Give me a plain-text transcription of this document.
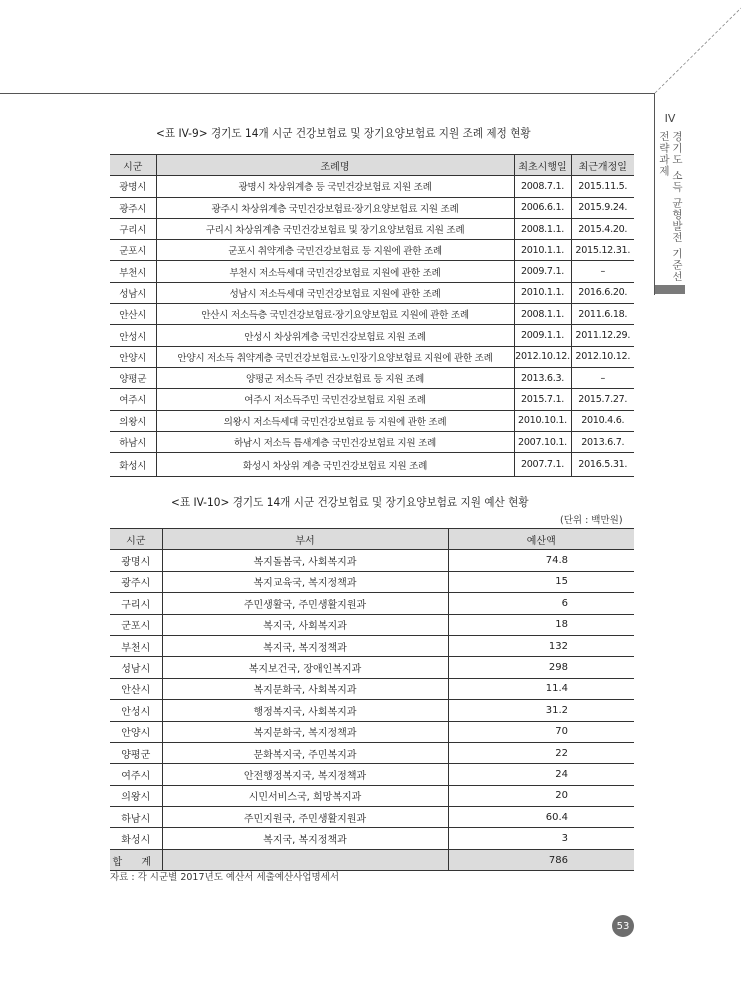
IV
경기도 소득 균형발전 기준선 전략과제
<표 IV-9> 경기도 14개 시군 건강보험료 및 장기요양보험료 지원 조례 제정 현황
시군	조례명	최초시행일	최근개정일
광명시	광명시 차상위계층 등 국민건강보험료 지원 조례	2008.7.1.	2015.11.5.
광주시	광주시 차상위계층 국민건강보험료·장기요양보험료 지원 조례	2006.6.1.	2015.9.24.
구리시	구리시 차상위계층 국민건강보험료 및 장기요양보험료 지원 조례	2008.1.1.	2015.4.20.
군포시	군포시 취약계층 국민건강보험료 등 지원에 관한 조례	2010.1.1.	2015.12.31.
부천시	부천시 저소득세대 국민건강보험료 지원에 관한 조례	2009.7.1.	–
성남시	성남시 저소득세대 국민건강보험료 지원에 관한 조례	2010.1.1.	2016.6.20.
안산시	안산시 저소득층 국민건강보험료·장기요양보험료 지원에 관한 조례	2008.1.1.	2011.6.18.
안성시	안성시 차상위계층 국민건강보험료 지원 조례	2009.1.1.	2011.12.29.
안양시	안양시 저소득 취약계층 국민건강보험료·노인장기요양보험료 지원에 관한 조례	2012.10.12.	2012.10.12.
양평군	양평군 저소득 주민 건강보험료 등 지원 조례	2013.6.3.	–
여주시	여주시 저소득주민 국민건강보험료 지원 조례	2015.7.1.	2015.7.27.
의왕시	의왕시 저소득세대 국민건강보험료 등 지원에 관한 조례	2010.10.1.	2010.4.6.
하남시	하남시 저소득 틈새계층 국민건강보험료 지원 조례	2007.10.1.	2013.6.7.
화성시	화성시 차상위 계층 국민건강보험료 지원 조례	2007.7.1.	2016.5.31.
<표 IV-10> 경기도 14개 시군 건강보험료 및 장기요양보험료 지원 예산 현황
(단위 : 백만원)
시군	부서	예산액
광명시	복지돌봄국, 사회복지과	74.8
광주시	복지교육국, 복지정책과	15
구리시	주민생활국, 주민생활지원과	6
군포시	복지국, 사회복지과	18
부천시	복지국, 복지정책과	132
성남시	복지보건국, 장애인복지과	298
안산시	복지문화국, 사회복지과	11.4
안성시	행정복지국, 사회복지과	31.2
안양시	복지문화국, 복지정책과	70
양평군	문화복지국, 주민복지과	22
여주시	안전행정복지국, 복지정책과	24
의왕시	시민서비스국, 희망복지과	20
하남시	주민지원국, 주민생활지원과	60.4
화성시	복지국, 복지정책과	3
합 계		786
자료 : 각 시군별 2017년도 예산서 세출예산사업명세서
53
